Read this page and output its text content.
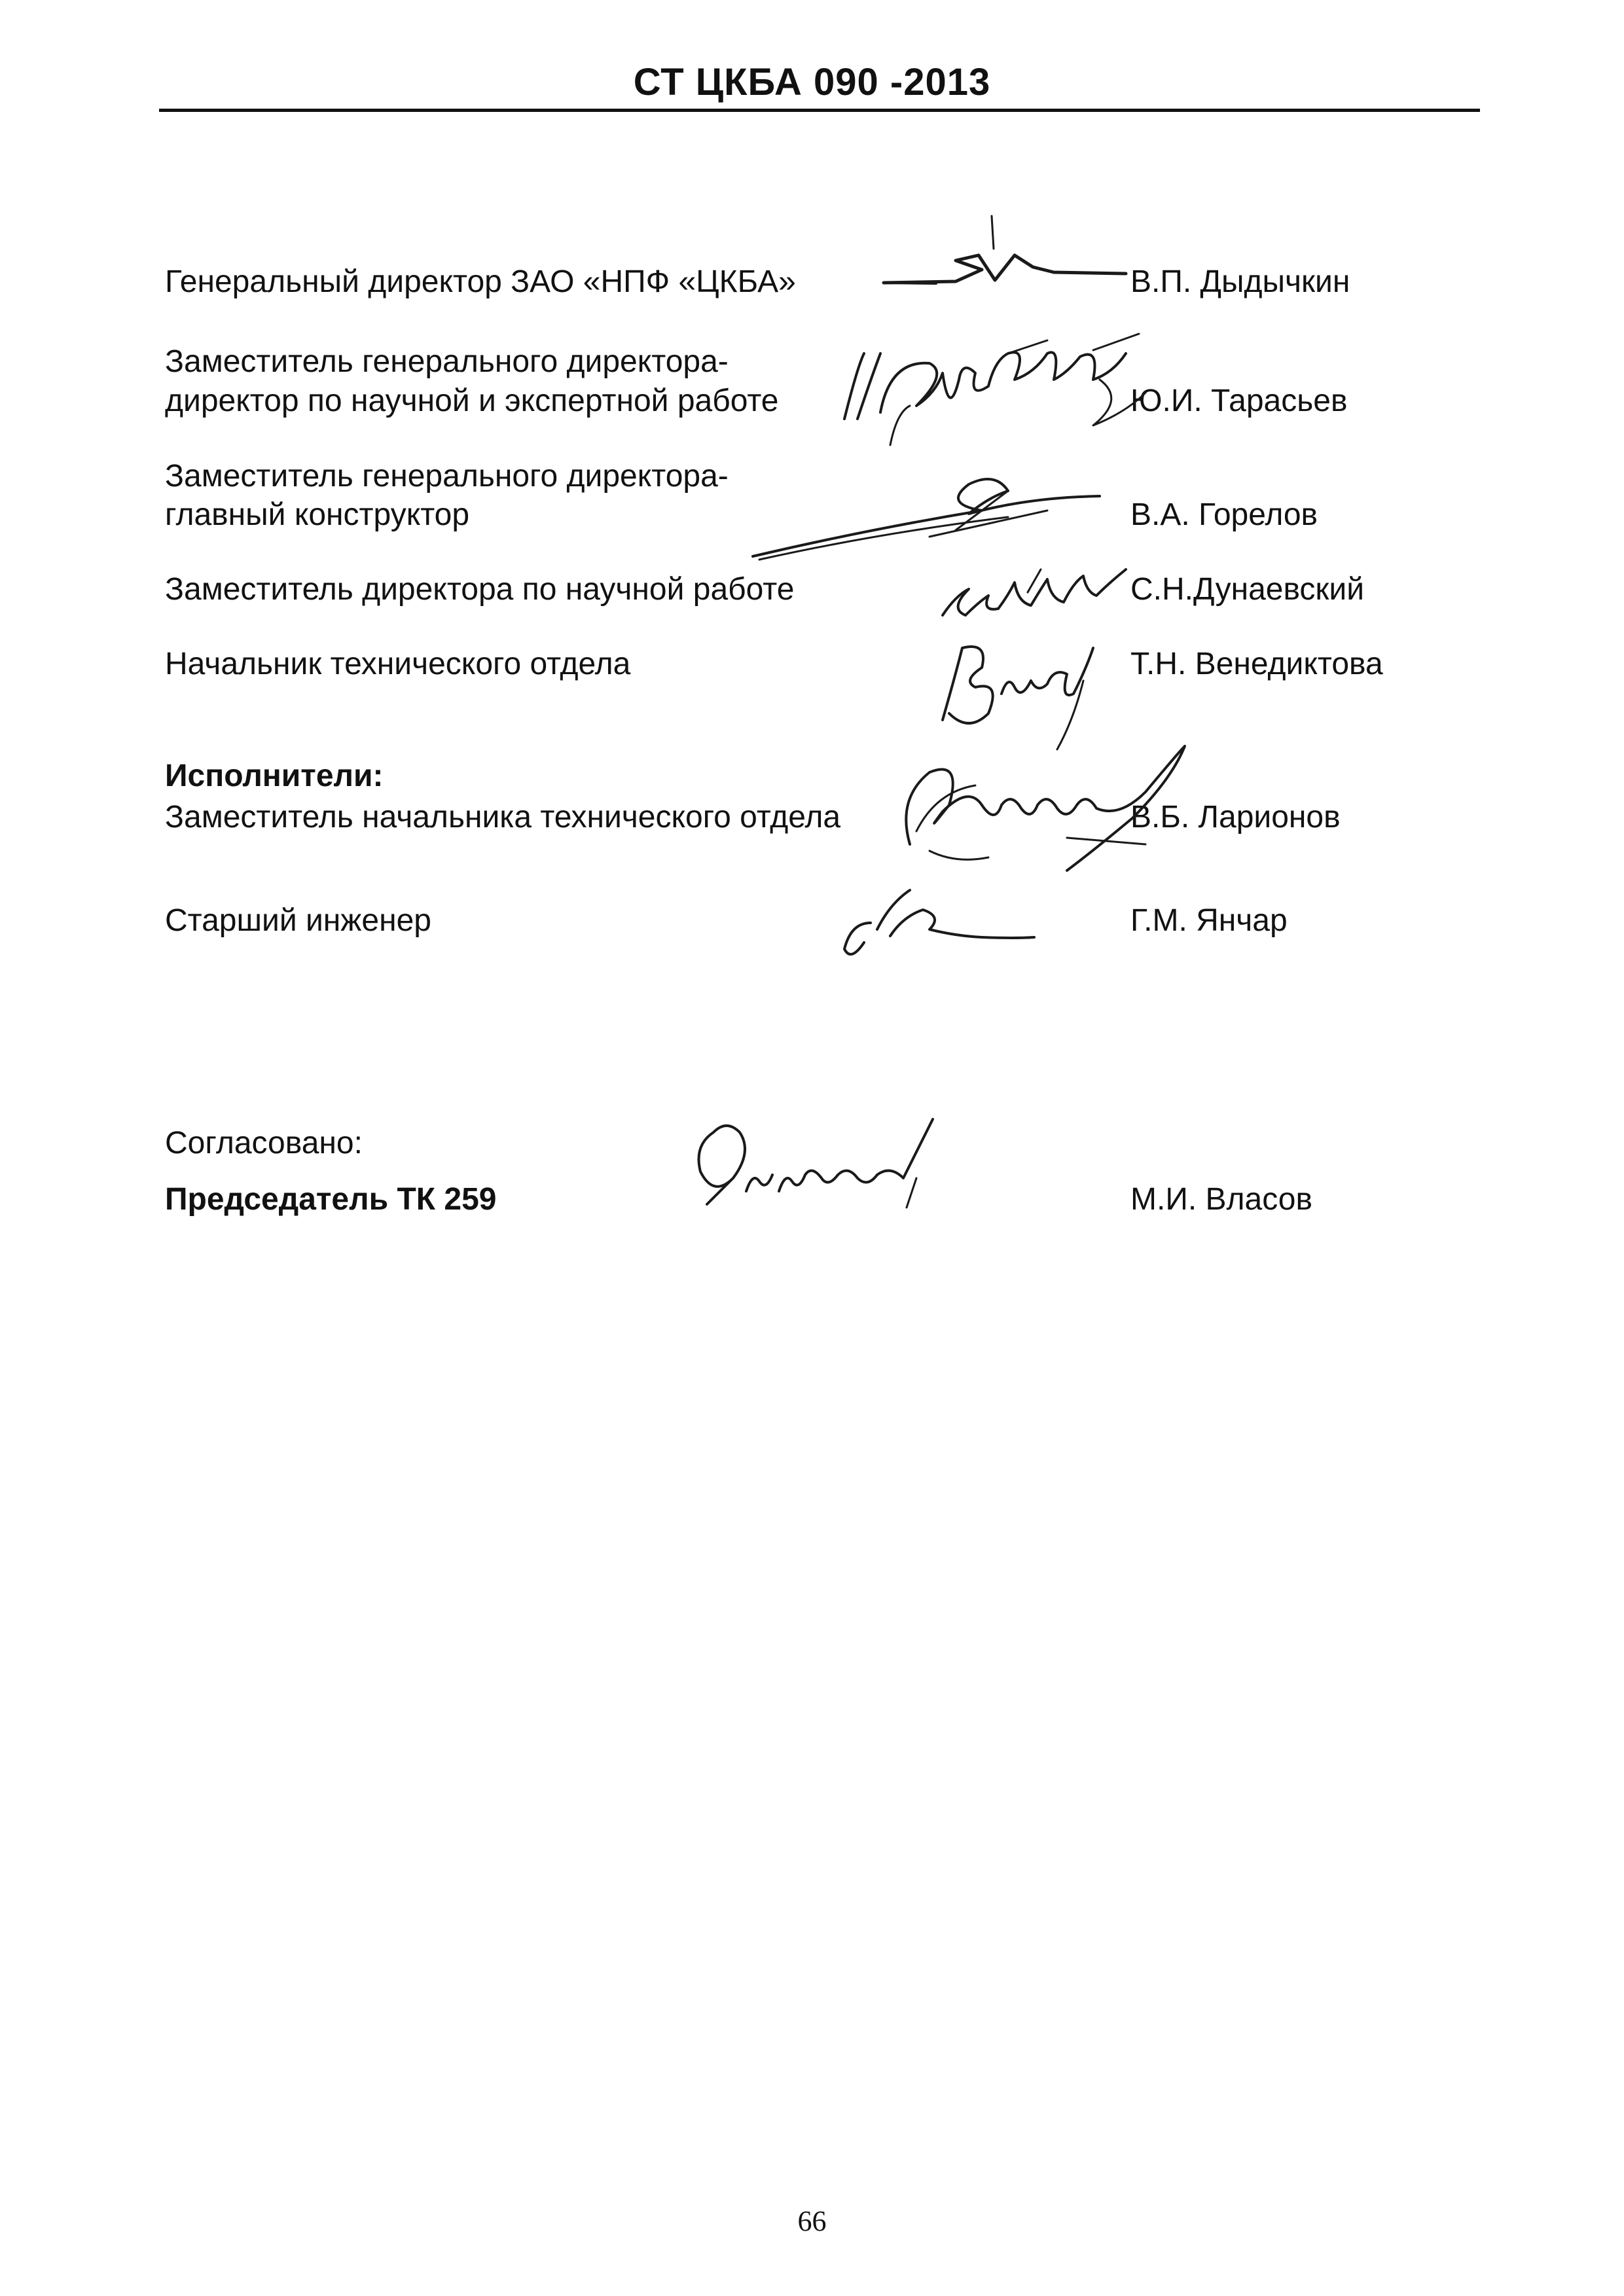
СТ ЦКБА 090 -2013
Генеральный директор ЗАО «НПФ «ЦКБА»	В.П. Дыдычкин
Заместитель генерального директора-
директор по научной и экспертной работе	Ю.И. Тарасьев
Заместитель генерального директора-
главный конструктор	В.А. Горелов
Заместитель директора по научной работе	С.Н.Дунаевский
Начальник технического отдела	Т.Н. Венедиктова
Исполнители:
Заместитель начальника технического отдела	В.Б. Ларионов
Старший инженер	Г.М. Янчар
Согласовано:
Председатель ТК 259	М.И. Власов
66
